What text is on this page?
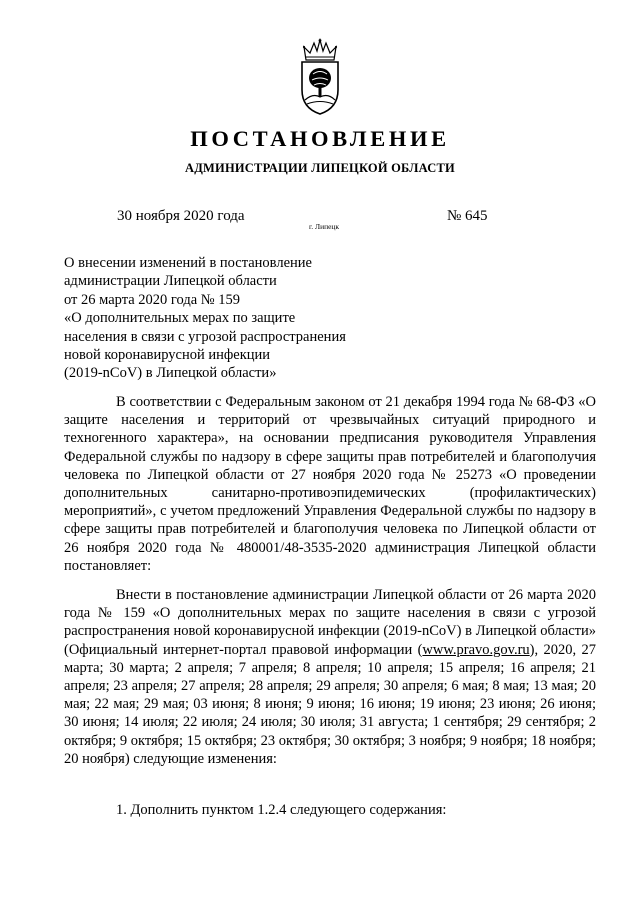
ПОСТАНОВЛЕНИЕ
АДМИНИСТРАЦИИ ЛИПЕЦКОЙ ОБЛАСТИ
30 ноября 2020 года
г. Липецк
№ 645
О внесении изменений в постановление
администрации Липецкой области
от 26 марта 2020 года № 159
«О дополнительных мерах по защите
населения в связи с угрозой распространения
новой коронавирусной инфекции
(2019-nCoV) в Липецкой области»

В соответствии с Федеральным законом от 21 декабря 1994 года № 68-ФЗ «О защите населения и территорий от чрезвычайных ситуаций природного и техногенного характера», на основании предписания руководителя Управления Федеральной службы по надзору в сфере защиты прав потребителей и благополучия человека по Липецкой области от 27 ноября 2020 года № 25273 «О проведении дополнительных санитарно-противоэпидемических (профилактических) мероприятий», с учетом предложений Управления Федеральной службы по надзору в сфере защиты прав потребителей и благополучия человека по Липецкой области от 26 ноября 2020 года № 480001/48-3535-2020 администрация Липецкой области постановляет:

Внести в постановление администрации Липецкой области от 26 марта 2020 года № 159 «О дополнительных мерах по защите населения в связи с угрозой распространения новой коронавирусной инфекции (2019-nCoV) в Липецкой области» (Официальный интернет-портал правовой информации (www.pravo.gov.ru), 2020, 27 марта; 30 марта; 2 апреля; 7 апреля; 8 апреля; 10 апреля; 15 апреля; 16 апреля; 21 апреля; 23 апреля; 27 апреля; 28 апреля; 29 апреля; 30 апреля; 6 мая; 8 мая; 13 мая; 20 мая; 22 мая; 29 мая; 03 июня; 8 июня; 9 июня; 16 июня; 19 июня; 23 июня; 26 июня; 30 июня; 14 июля; 22 июля; 24 июля; 30 июля; 31 августа; 1 сентября; 29 сентября; 2 октября; 9 октября; 15 октября; 23 октября; 30 октября; 3 ноября; 9 ноября; 18 ноября; 20 ноября) следующие изменения:

1. Дополнить пунктом 1.2.4 следующего содержания:
